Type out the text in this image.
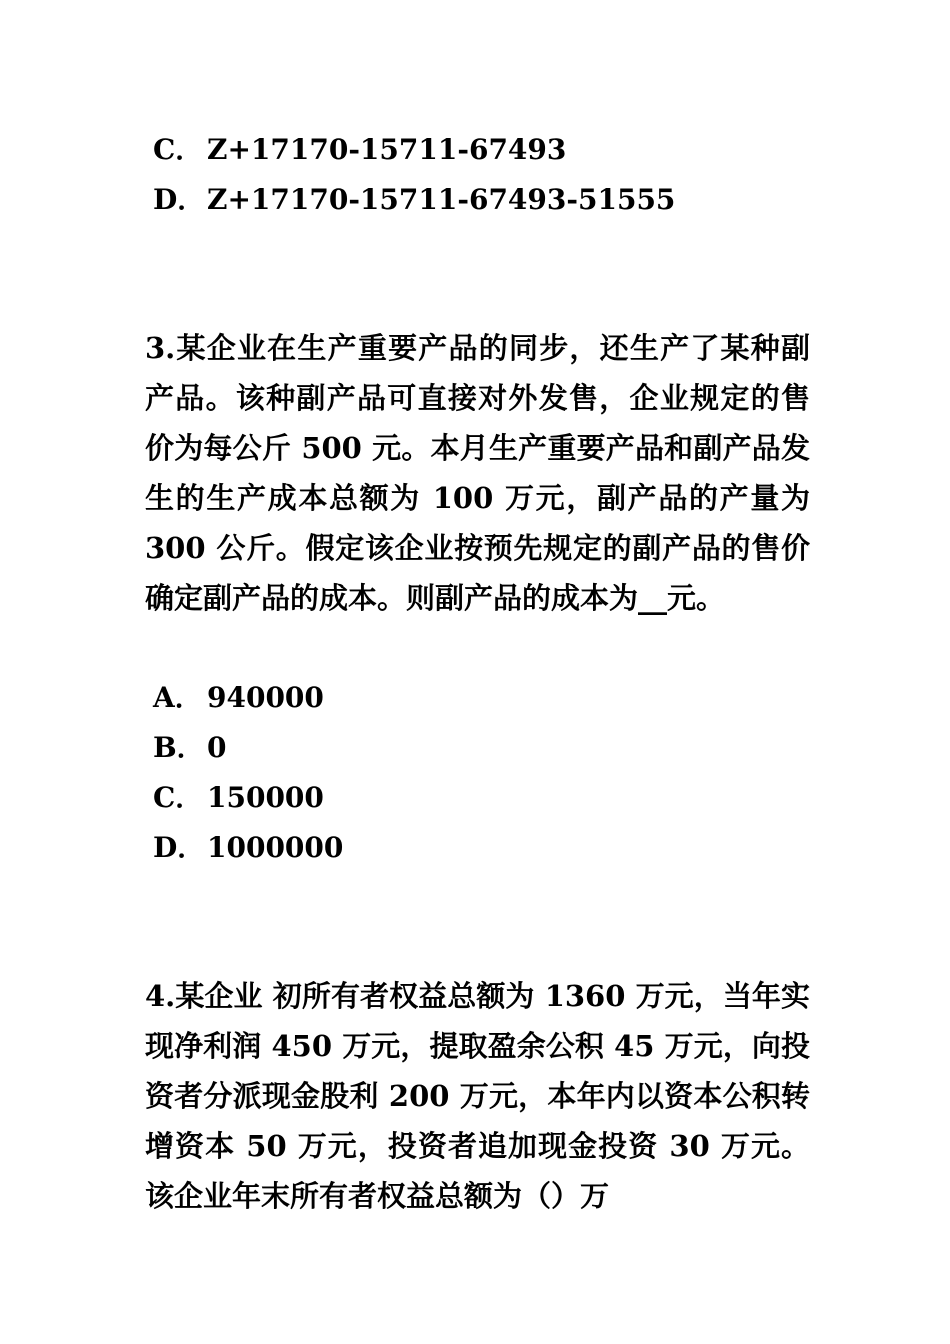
C． Z+17170-15711-67493
D．Z+17170-15711-67493-51555

3.某企业在生产重要产品的同步，还生产了某种副产品。该种副产品可直接对外发售，企业规定的售价为每公斤 500 元。本月生产重要产品和副产品发生的生产成本总额为 100 万元，副产品的产量为 300 公斤。假定该企业按预先规定的副产品的售价确定副产品的成本。则副产品的成本为__元。

A． 940000
B．0
C． 150000
D．1000000

4.某企业 初所有者权益总额为 1360 万元，当年实现净利润 450 万元，提取盈余公积 45 万元，向投资者分派现金股利 200 万元，本年内以资本公积转增资本 50 万元，投资者追加现金投资 30 万元。该企业年末所有者权益总额为（）万
